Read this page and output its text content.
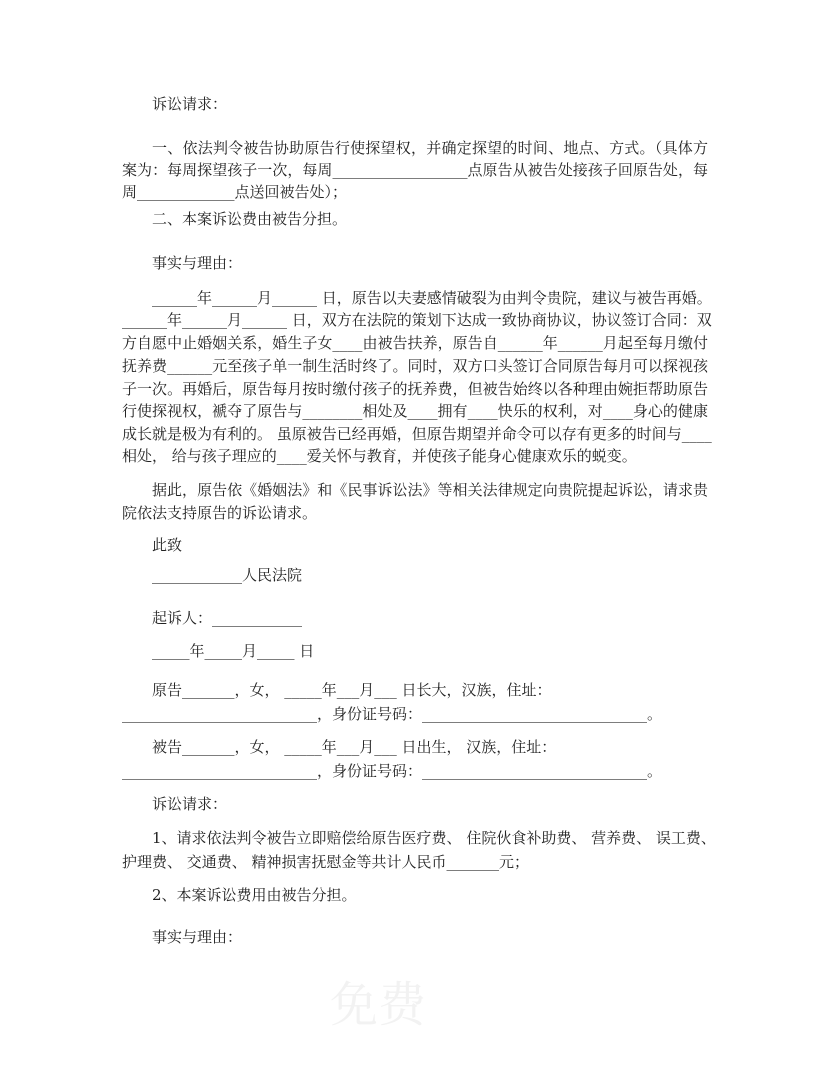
免费
诉讼请求：
一、依法判令被告协助原告行使探望权，并确定探望的时间、地点、方式。（具体方
案为：每周探望孩子一次，每周__________________点原告从被告处接孩子回原告处，每
周_____________点送回被告处）；
二、本案诉讼费由被告分担。
事实与理由：
______年______月______ 日，原告以夫妻感情破裂为由判令贵院，建议与被告再婚。
______年______月______ 日，双方在法院的策划下达成一致协商协议，协议签订合同：双
方自愿中止婚姻关系，婚生子女____由被告扶养，原告自______年______月起至每月缴付
抚养费______元至孩子单一制生活时终了。同时，双方口头签订合同原告每月可以探视孩
子一次。再婚后，原告每月按时缴付孩子的抚养费，但被告始终以各种理由婉拒帮助原告
行使探视权，褫夺了原告与________相处及____拥有____快乐的权利，对____身心的健康
成长就是极为有利的。 虽原被告已经再婚，但原告期望并命令可以存有更多的时间与____
相处， 给与孩子理应的____爱关怀与教育，并使孩子能身心健康欢乐的蜕变。
据此，原告依《婚姻法》和《民事诉讼法》等相关法律规定向贵院提起诉讼，请求贵
院依法支持原告的诉讼请求。
此致
____________人民法院
起诉人：____________
_____年_____月_____ 日
原告_______，女， _____年___月___ 日长大，汉族，住址：
__________________________，身份证号码：______________________________。
被告_______，女， _____年___月___ 日出生， 汉族，住址：
__________________________，身份证号码：______________________________。
诉讼请求：
1、请求依法判令被告立即赔偿给原告医疗费、 住院伙食补助费、 营养费、 误工费、
护理费、 交通费、 精神损害抚慰金等共计人民币_______元；
2、本案诉讼费用由被告分担。
事实与理由：
